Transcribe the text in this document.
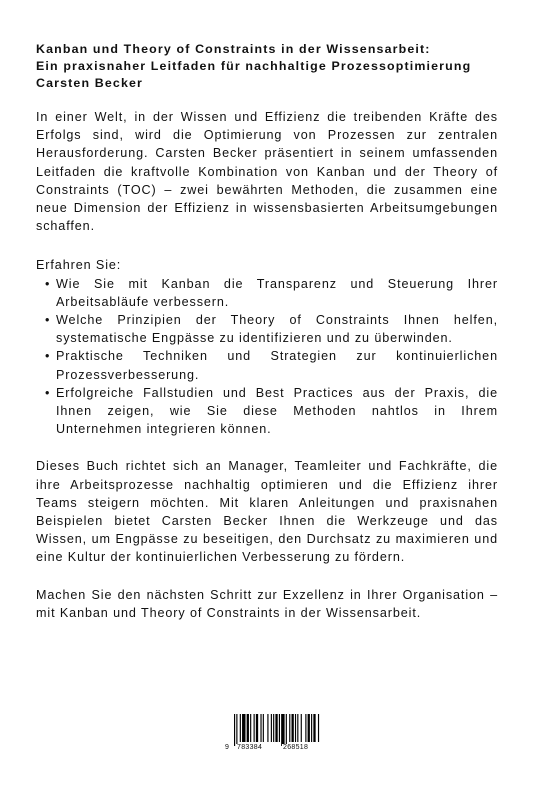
Kanban und Theory of Constraints in der Wissensarbeit:

Ein praxisnaher Leitfaden für nachhaltige Prozessoptimierung

Carsten Becker

In einer Welt, in der Wissen und Effizienz die treibenden Kräfte des Erfolgs sind, wird die Optimierung von Prozessen zur zentralen Herausforderung. Carsten Becker präsentiert in seinem umfassenden Leitfaden die kraftvolle Kombination von Kanban und der Theory of Constraints (TOC) – zwei bewährten Methoden, die zusammen eine neue Dimension der Effizienz in wissensbasierten Arbeitsumgebungen schaffen.

Erfahren Sie:

• Wie Sie mit Kanban die Transparenz und Steuerung Ihrer Arbeitsabläufe verbessern.
• Welche Prinzipien der Theory of Constraints Ihnen helfen, systematische Engpässe zu identifizieren und zu überwinden.
• Praktische Techniken und Strategien zur kontinuierlichen Prozessverbesserung.
• Erfolgreiche Fallstudien und Best Practices aus der Praxis, die Ihnen zeigen, wie Sie diese Methoden nahtlos in Ihrem Unternehmen integrieren können.

Dieses Buch richtet sich an Manager, Teamleiter und Fachkräfte, die ihre Arbeitsprozesse nachhaltig optimieren und die Effizienz ihrer Teams steigern möchten. Mit klaren Anleitungen und praxisnahen Beispielen bietet Carsten Becker Ihnen die Werkzeuge und das Wissen, um Engpässe zu beseitigen, den Durchsatz zu maximieren und eine Kultur der kontinuierlichen Verbesserung zu fördern.

Machen Sie den nächsten Schritt zur Exzellenz in Ihrer Organisation – mit Kanban und Theory of Constraints in der Wissensarbeit.

9 783384	268518
